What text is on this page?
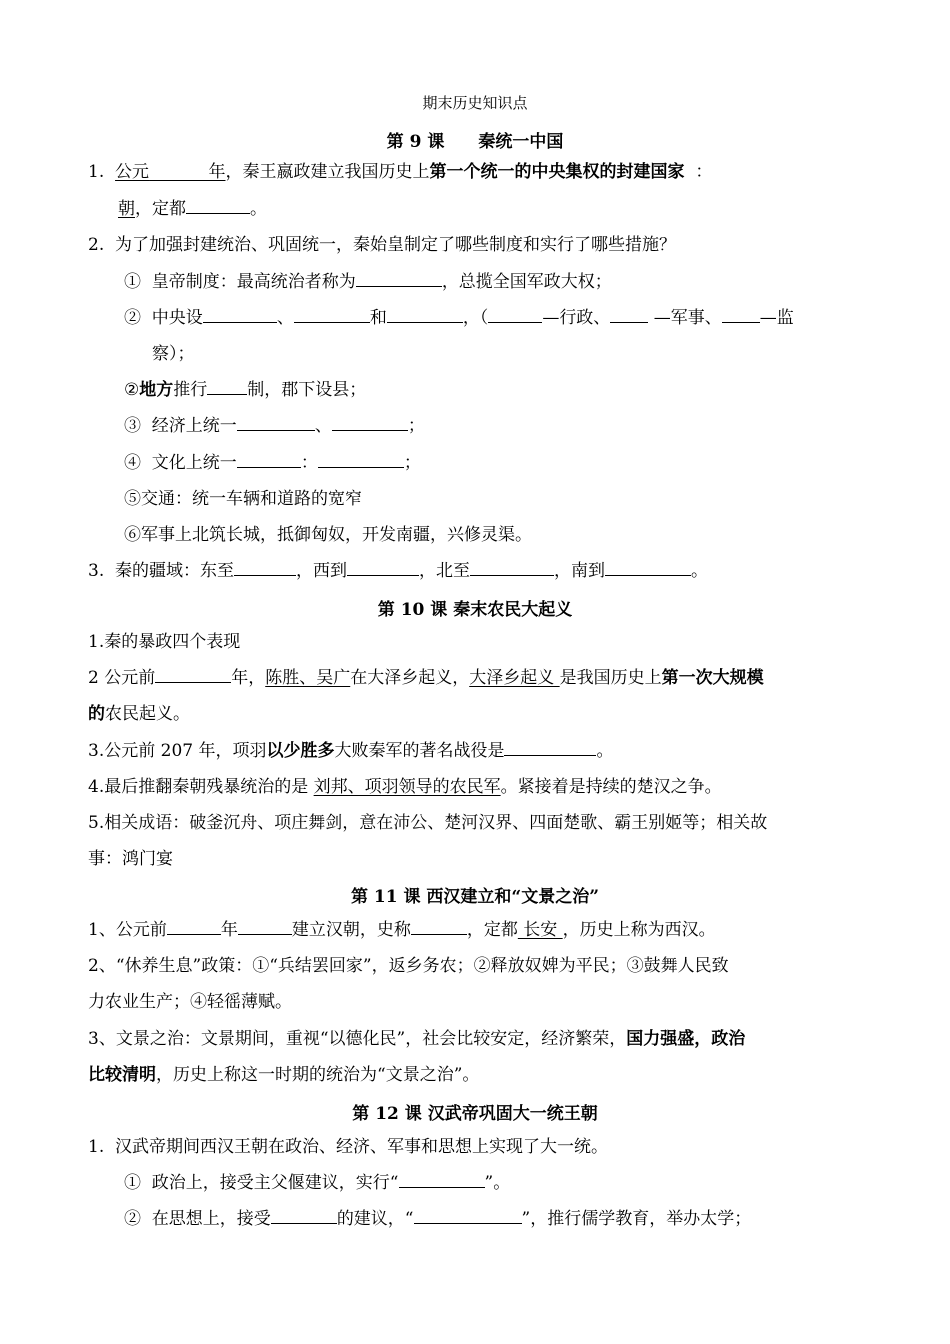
期末历史知识点
第 9 课　　秦统一中国
1. 公元	年，秦王嬴政建立我国历史上第一个统一的中央集权的封建国家 ：
朝，定都	。
2.  为了加强封建统治、巩固统一，秦始皇制定了哪些制度和实行了哪些措施？
①  皇帝制度：最高统治者称为	，总揽全国军政大权；
②  中央设	、	和	，（	—行政、 —军事、 —监
察）；
②地方推行 制，郡下设县；
③  经济上统一	、	；
④  文化上统一	：	；
⑤交通：统一车辆和道路的宽窄
⑥军事上北筑长城，抵御匈奴，开发南疆，兴修灵渠。
3.  秦的疆域：东至	，西到	，北至	，南到	。
第 10 课 秦末农民大起义
1.秦的暴政四个表现
2 公元前	年，陈胜、吴广在大泽乡起义，大泽乡起义 是我国历史上第一次大规模
的农民起义。
3.公元前 207 年，项羽以少胜多大败秦军的著名战役是	。
4.最后推翻秦朝残暴统治的是 刘邦、项羽领导的农民军。紧接着是持续的楚汉之争。
5.相关成语：破釜沉舟、项庄舞剑，意在沛公、楚河汉界、四面楚歌、霸王别姬等；相关故
事：鸿门宴
第 11 课 西汉建立和“文景之治”
1、公元前	年	建立汉朝，史称	，定都 长安 ，历史上称为西汉。
2、“休养生息”政策：①“兵结罢回家”，返乡务农；②释放奴婢为平民；③鼓舞人民致
力农业生产；④轻徭薄赋。
3、文景之治：文景期间，重视“以德化民”，社会比较安定，经济繁荣，国力强盛，政治
比较清明，历史上称这一时期的统治为“文景之治”。
第 12 课 汉武帝巩固大一统王朝
1.  汉武帝期间西汉王朝在政治、经济、军事和思想上实现了大一统。
①  政治上，接受主父偃建议，实行“	”。
②  在思想上，接受	的建议，“	”，推行儒学教育，举办太学；
